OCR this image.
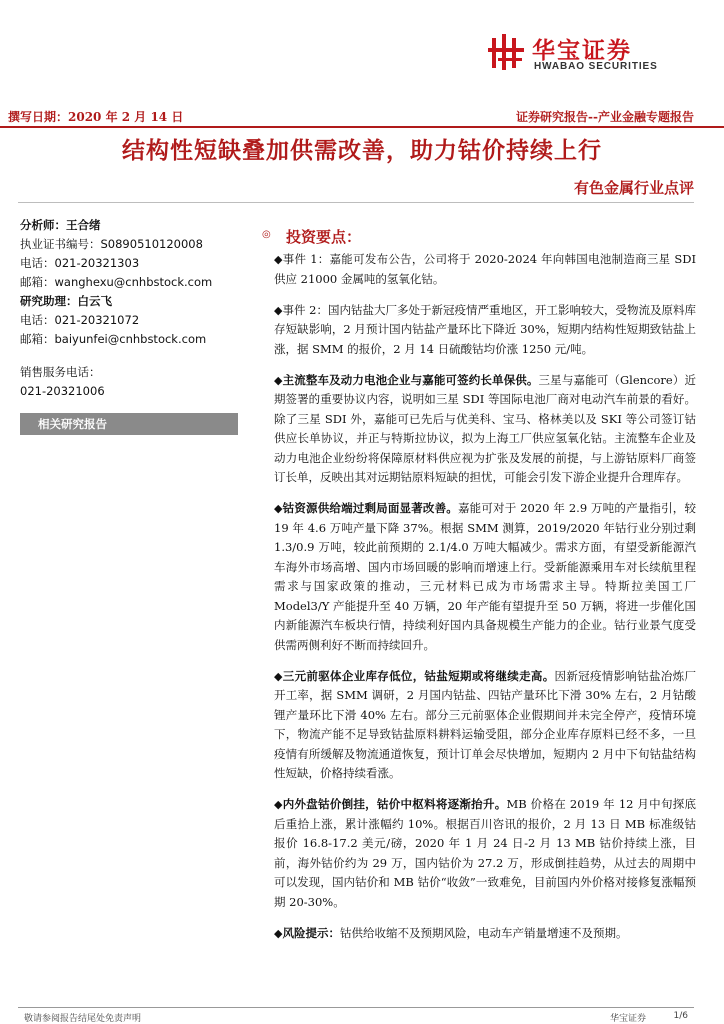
华宝证券
HWABAO SECURITIES
撰写日期：2020 年 2 月 14 日	证券研究报告--产业金融专题报告
结构性短缺叠加供需改善，助力钴价持续上行
有色金属行业点评
分析师：王合绪
执业证书编号：S0890510120008
电话：021-20321303
邮箱：wanghexu@cnhbstock.com
研究助理：白云飞
电话：021-20321072
邮箱：baiyunfei@cnhbstock.com
销售服务电话：
021-20321006
相关研究报告
◎ 投资要点：

◆事件 1：嘉能可发布公告，公司将于 2020-2024 年向韩国电池制造商三星 SDI 供应 21000 金属吨的氢氧化钴。

◆事件 2：国内钴盐大厂多处于新冠疫情严重地区，开工影响较大，受物流及原料库存短缺影响，2 月预计国内钴盐产量环比下降近 30%，短期内结构性短期致钴盐上涨，据 SMM 的报价，2 月 14 日硫酸钴均价涨 1250 元/吨。

◆主流整车及动力电池企业与嘉能可签约长单保供。三星与嘉能可（Glencore）近期签署的重要协议内容，说明如三星 SDI 等国际电池厂商对电动汽车前景的看好。除了三星 SDI 外，嘉能可已先后与优美科、宝马、格林美以及 SKI 等公司签订钴供应长单协议，并正与特斯拉协议，拟为上海工厂供应氢氧化钴。主流整车企业及动力电池企业纷纷将保障原材料供应视为扩张及发展的前提，与上游钴原料厂商签订长单，反映出其对远期钴原料短缺的担忧，可能会引发下游企业提升合理库存。

◆钴资源供给端过剩局面显著改善。嘉能可对于 2020 年 2.9 万吨的产量指引，较 19 年 4.6 万吨产量下降 37%。根据 SMM 测算，2019/2020 年钴行业分别过剩 1.3/0.9 万吨，较此前预期的 2.1/4.0 万吨大幅减少。需求方面，有望受新能源汽车海外市场高增、国内市场回暖的影响而增速上行。受新能源乘用车对长续航里程需求与国家政策的推动，三元材料已成为市场需求主导。特斯拉美国工厂 Model3/Y 产能提升至 40 万辆，20 年产能有望提升至 50 万辆，将进一步催化国内新能源汽车板块行情，持续利好国内具备规模生产能力的企业。钴行业景气度受供需两侧利好不断而持续回升。

◆三元前驱体企业库存低位，钴盐短期或将继续走高。因新冠疫情影响钴盐冶炼厂开工率，据 SMM 调研，2 月国内钴盐、四钴产量环比下滑 30% 左右，2 月钴酸锂产量环比下滑 40% 左右。部分三元前驱体企业假期间并未完全停产，疫情环境下，物流产能不足导致钴盐原料耕料运输受阻，部分企业库存原料已经不多，一旦疫情有所缓解及物流通道恢复，预计订单会尽快增加，短期内 2 月中下旬钴盐结构性短缺，价格持续看涨。

◆内外盘钴价倒挂，钴价中枢料将逐渐抬升。MB 价格在 2019 年 12 月中旬探底后重拾上涨，累计涨幅约 10%。根据百川咨讯的报价，2 月 13 日 MB 标准级钴报价 16.8-17.2 美元/磅，2020 年 1 月 24 日-2 月 13 MB 钴价持续上涨，目前，海外钴价约为 29 万，国内钴价为 27.2 万，形成倒挂趋势，从过去的周期中可以发现，国内钴价和 MB 钴价“收敛”一致难免，目前国内外价格对接修复涨幅预期 20-30%。

◆风险提示：钴供给收缩不及预期风险，电动车产销量增速不及预期。

敬请参阅报告结尾处免责声明	华宝证券	1/6
